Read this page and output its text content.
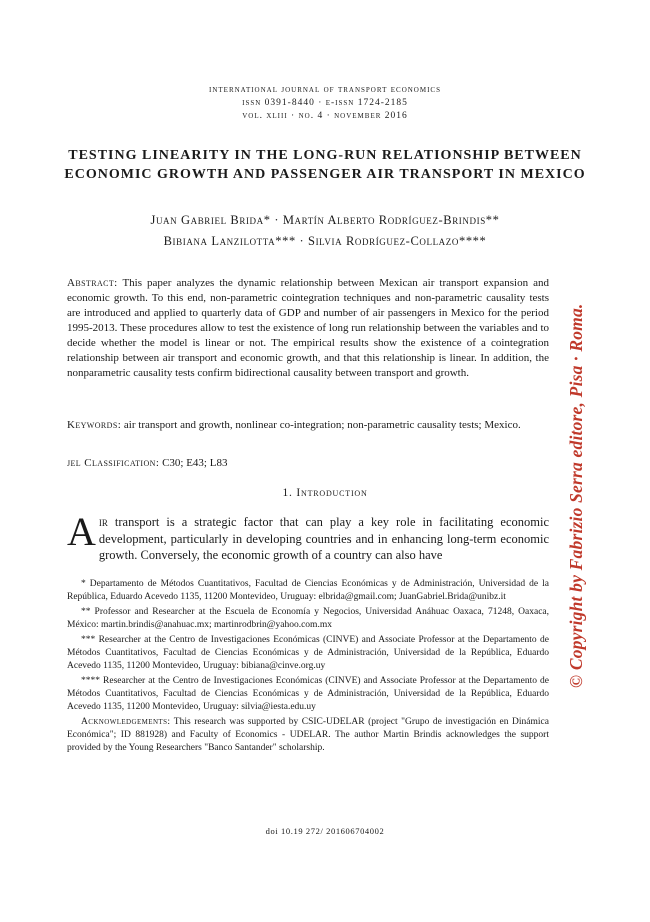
international journal of transport economics
issn 0391-8440 · e-issn 1724-2185
vol. xliii · no. 4 · november 2016
TESTING LINEARITY IN THE LONG-RUN RELATIONSHIP BETWEEN ECONOMIC GROWTH AND PASSENGER AIR TRANSPORT IN MEXICO
Juan Gabriel Brida* · Martín Alberto Rodríguez-Brindis**
Bibiana Lanzilotta*** · Silvia Rodríguez-Collazo****
Abstract: This paper analyzes the dynamic relationship between Mexican air transport expansion and economic growth. To this end, non-parametric cointegration techniques and non-parametric causality tests are introduced and applied to quarterly data of GDP and number of air passengers in Mexico for the period 1995-2013. These procedures allow to test the existence of long run relationship between the variables and to decide whether the model is linear or not. The empirical results show the existence of a cointegration relationship between air transport and economic growth, and that this relationship is linear. In addition, the nonparametric causality tests confirm bidirectional causality between transport and growth.
Keywords: air transport and growth, nonlinear co-integration; non-parametric causality tests; Mexico.
jel Classification: C30; E43; L83
1. Introduction
A ir transport is a strategic factor that can play a key role in facilitating economic development, particularly in developing countries and in enhancing long-term economic growth. Conversely, the economic growth of a country can also have

* Departamento de Métodos Cuantitativos, Facultad de Ciencias Económicas y de Administración, Universidad de la República, Eduardo Acevedo 1135, 11200 Montevideo, Uruguay: elbrida@gmail.com; JuanGabriel.Brida@unibz.it

** Professor and Researcher at the Escuela de Economía y Negocios, Universidad Anáhuac Oaxaca, 71248, Oaxaca, México: martin.brindis@anahuac.mx; martinrodbrin@yahoo.com.mx

*** Researcher at the Centro de Investigaciones Económicas (CINVE) and Associate Professor at the Departamento de Métodos Cuantitativos, Facultad de Ciencias Económicas y de Administración, Universidad de la República, Eduardo Acevedo 1135, 11200 Montevideo, Uruguay: bibiana@cinve.org.uy

**** Researcher at the Centro de Investigaciones Económicas (CINVE) and Associate Professor at the Departamento de Métodos Cuantitativos, Facultad de Ciencias Económicas y de Administración, Universidad de la República, Eduardo Acevedo 1135, 11200 Montevideo, Uruguay: silvia@iesta.edu.uy

Acknowledgements: This research was supported by CSIC-UDELAR (project "Grupo de investigación en Dinámica Económica"; ID 881928) and Faculty of Economics - UDELAR. The author Martin Brindis acknowledges the support provided by the Young Researchers "Banco Santander" scholarship.

doi 10.19 272/ 201606704002
© Copyright by Fabrizio Serra editore, Pisa · Roma.
